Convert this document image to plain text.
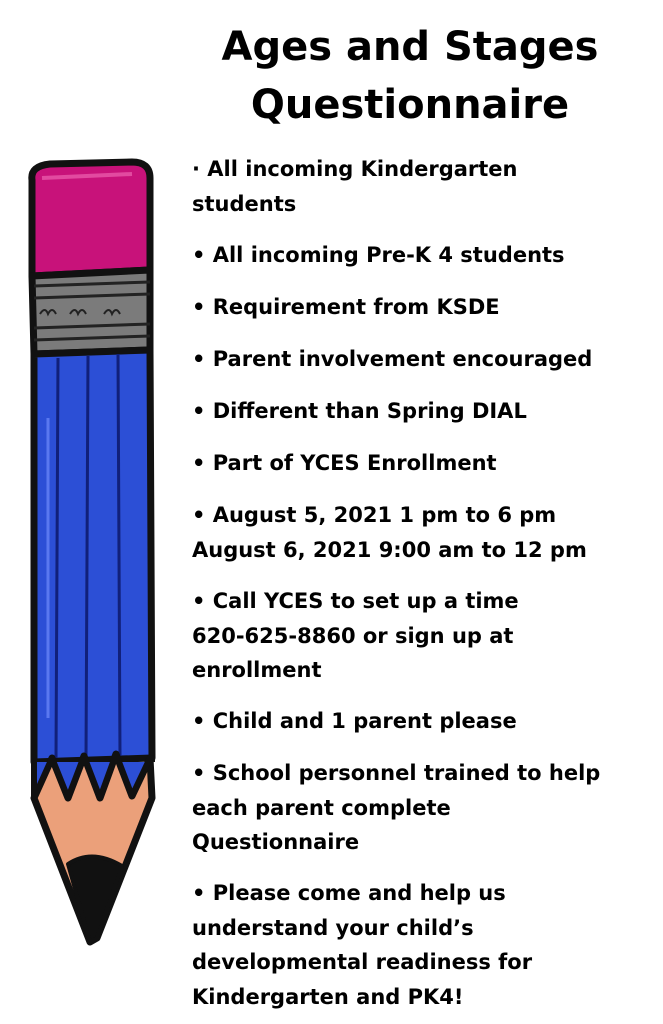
Ages and Stages
Questionnaire
· All incoming Kindergarten
students
• All incoming Pre-K 4 students
• Requirement from KSDE
• Parent involvement encouraged
• Different than Spring DIAL
• Part of YCES Enrollment
• August 5, 2021 1 pm to 6 pm
August 6, 2021 9:00 am to 12 pm
• Call YCES to set up a time
620-625-8860 or sign up at
enrollment
• Child and 1 parent please
• School personnel trained to help
each parent complete
Questionnaire
• Please come and help us
understand your child’s
developmental readiness for
Kindergarten and PK4!
